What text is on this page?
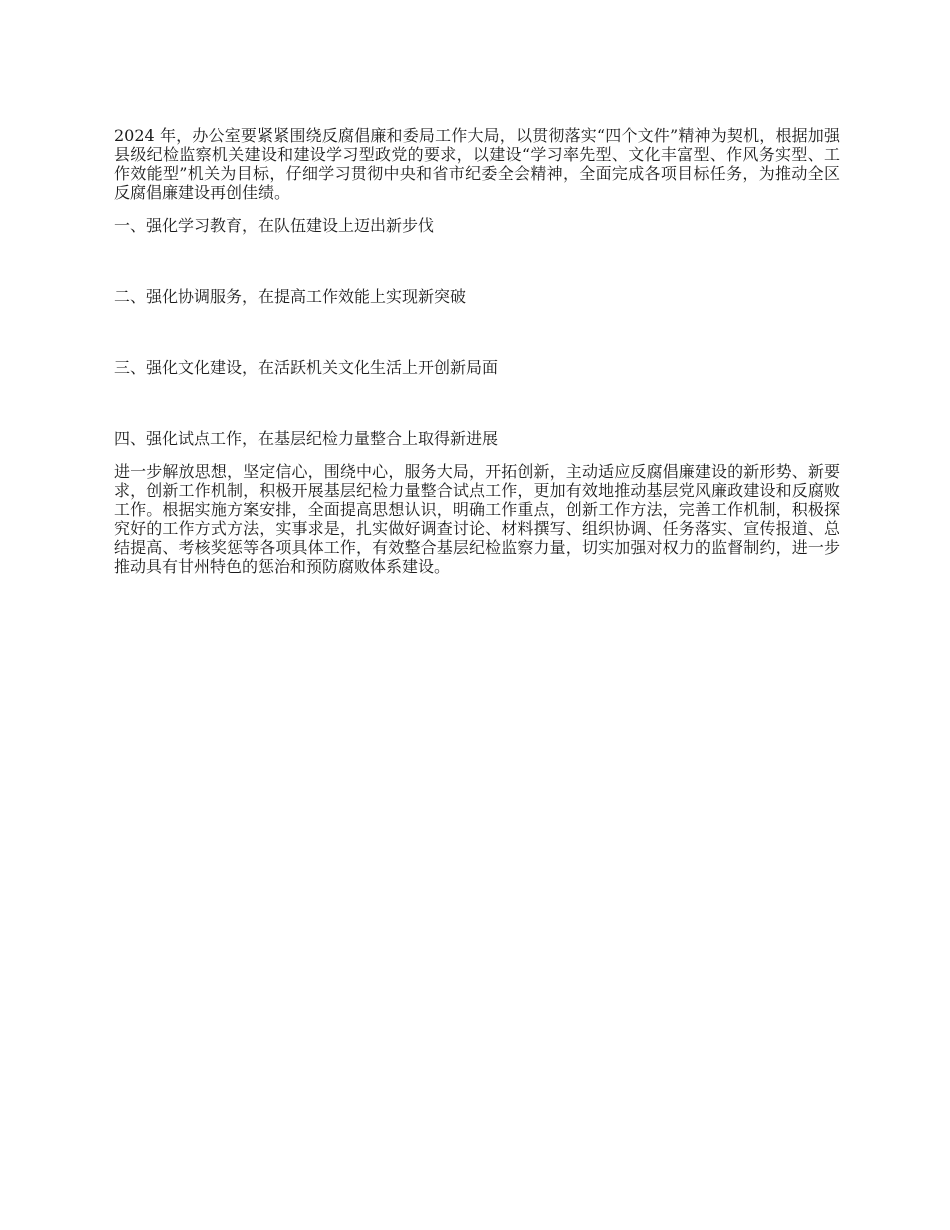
2024 年，办公室要紧紧围绕反腐倡廉和委局工作大局，以贯彻落实“四个文件”精神为契机，根据加强县级纪检监察机关建设和建设学习型政党的要求，以建设“学习率先型、文化丰富型、作风务实型、工作效能型”机关为目标，仔细学习贯彻中央和省市纪委全会精神，全面完成各项目标任务，为推动全区反腐倡廉建设再创佳绩。

一、强化学习教育，在队伍建设上迈出新步伐

二、强化协调服务，在提高工作效能上实现新突破

三、强化文化建设，在活跃机关文化生活上开创新局面

四、强化试点工作，在基层纪检力量整合上取得新进展

进一步解放思想，坚定信心，围绕中心，服务大局，开拓创新，主动适应反腐倡廉建设的新形势、新要求，创新工作机制，积极开展基层纪检力量整合试点工作，更加有效地推动基层党风廉政建设和反腐败工作。根据实施方案安排，全面提高思想认识，明确工作重点，创新工作方法，完善工作机制，积极探究好的工作方式方法，实事求是，扎实做好调查讨论、材料撰写、组织协调、任务落实、宣传报道、总结提高、考核奖惩等各项具体工作，有效整合基层纪检监察力量，切实加强对权力的监督制约，进一步推动具有甘州特色的惩治和预防腐败体系建设。
